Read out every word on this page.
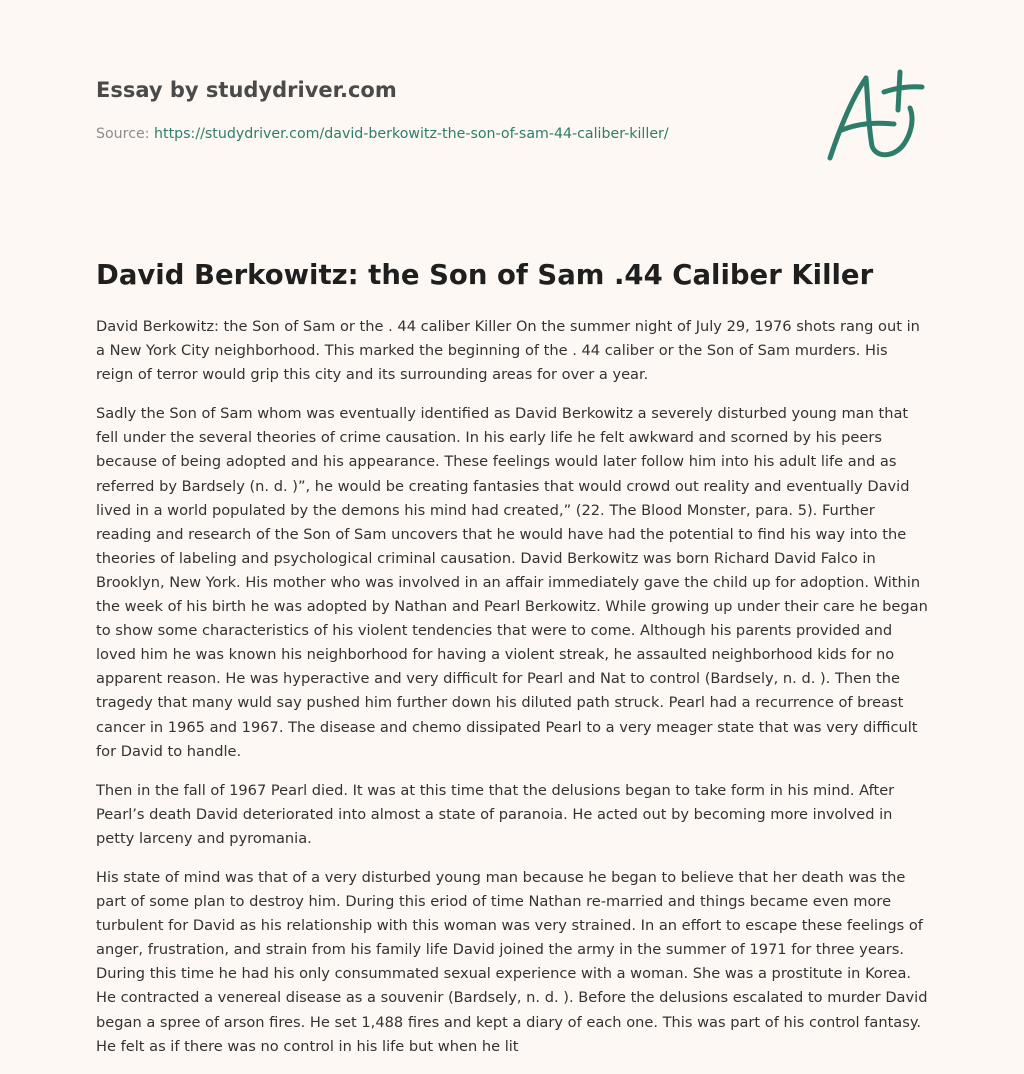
Essay by studydriver.com
Source: https://studydriver.com/david-berkowitz-the-son-of-sam-44-caliber-killer/
David Berkowitz: the Son of Sam .44 Caliber Killer

David Berkowitz: the Son of Sam or the . 44 caliber Killer On the summer night of July 29, 1976 shots rang out in a New York City neighborhood. This marked the beginning of the . 44 caliber or the Son of Sam murders. His reign of terror would grip this city and its surrounding areas for over a year.

Sadly the Son of Sam whom was eventually identified as David Berkowitz a severely disturbed young man that fell under the several theories of crime causation. In his early life he felt awkward and scorned by his peers because of being adopted and his appearance. These feelings would later follow him into his adult life and as referred by Bardsely (n. d. )”, he would be creating fantasies that would crowd out reality and eventually David lived in a world populated by the demons his mind had created,” (22. The Blood Monster, para. 5). Further reading and research of the Son of Sam uncovers that he would have had the potential to find his way into the theories of labeling and psychological criminal causation. David Berkowitz was born Richard David Falco in Brooklyn, New York. His mother who was involved in an affair immediately gave the child up for adoption. Within the week of his birth he was adopted by Nathan and Pearl Berkowitz. While growing up under their care he began to show some characteristics of his violent tendencies that were to come. Although his parents provided and loved him he was known his neighborhood for having a violent streak, he assaulted neighborhood kids for no apparent reason. He was hyperactive and very difficult for Pearl and Nat to control (Bardsely, n. d. ). Then the tragedy that many wuld say pushed him further down his diluted path struck. Pearl had a recurrence of breast cancer in 1965 and 1967. The disease and chemo dissipated Pearl to a very meager state that was very difficult for David to handle.

Then in the fall of 1967 Pearl died. It was at this time that the delusions began to take form in his mind. After Pearl’s death David deteriorated into almost a state of paranoia. He acted out by becoming more involved in petty larceny and pyromania.

His state of mind was that of a very disturbed young man because he began to believe that her death was the part of some plan to destroy him. During this eriod of time Nathan re-married and things became even more turbulent for David as his relationship with this woman was very strained. In an effort to escape these feelings of anger, frustration, and strain from his family life David joined the army in the summer of 1971 for three years. During this time he had his only consummated sexual experience with a woman. She was a prostitute in Korea. He contracted a venereal disease as a souvenir (Bardsely, n. d. ). Before the delusions escalated to murder David began a spree of arson fires. He set 1,488 fires and kept a diary of each one. This was part of his control fantasy. He felt as if there was no control in his life but when he lit
